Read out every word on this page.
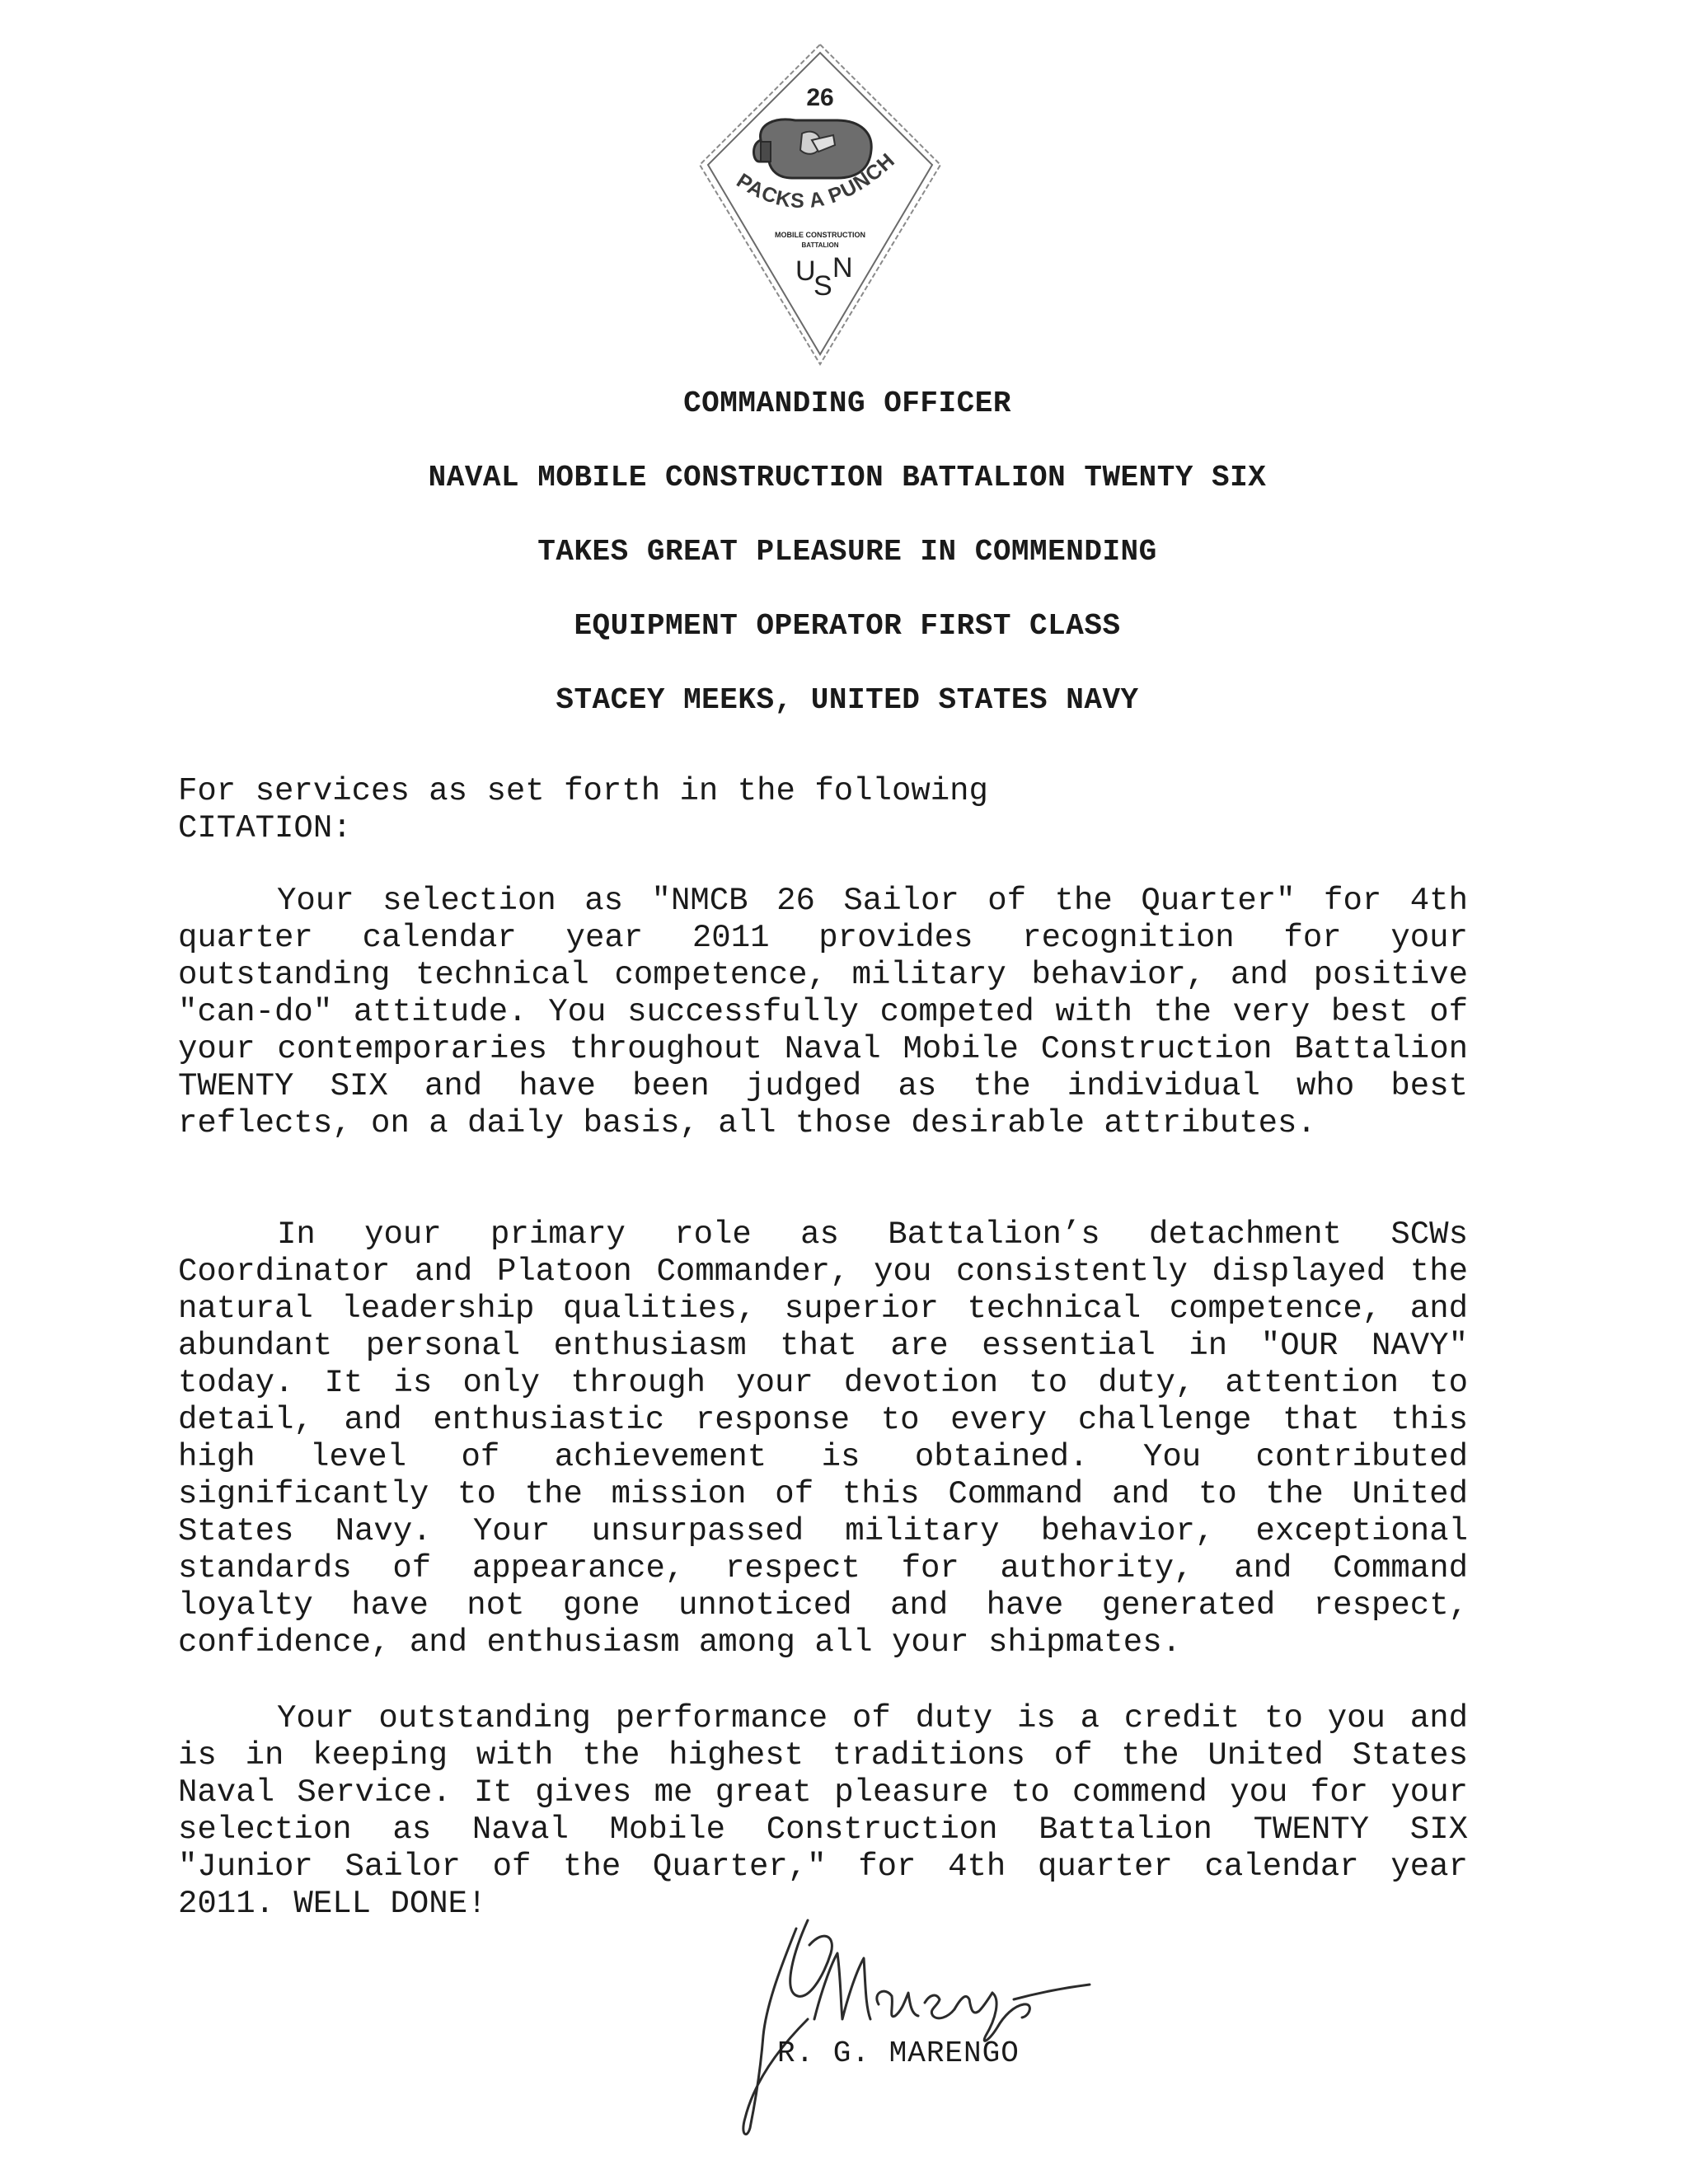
26
PACKS A PUNCH
MOBILE CONSTRUCTION
BATTALION
U
S
N
COMMANDING OFFICER
NAVAL MOBILE CONSTRUCTION BATTALION TWENTY SIX
TAKES GREAT PLEASURE IN COMMENDING
EQUIPMENT OPERATOR FIRST CLASS
STACEY MEEKS, UNITED STATES NAVY
For services as set forth in the following CITATION:

Your selection as "NMCB 26 Sailor of the Quarter" for 4th quarter calendar year 2011 provides recognition for your outstanding technical competence, military behavior, and positive "can-do" attitude. You successfully competed with the very best of your contemporaries throughout Naval Mobile Construction Battalion TWENTY SIX and have been judged as the individual who best reflects, on a daily basis, all those desirable attributes.

In your primary role as Battalion’s detachment SCWs Coordinator and Platoon Commander, you consistently displayed the natural leadership qualities, superior technical competence, and abundant personal enthusiasm that are essential in "OUR NAVY" today. It is only through your devotion to duty, attention to detail, and enthusiastic response to every challenge that this high level of achievement is obtained. You contributed significantly to the mission of this Command and to the United States Navy. Your unsurpassed military behavior, exceptional standards of appearance, respect for authority, and Command loyalty have not gone unnoticed and have generated respect, confidence, and enthusiasm among all your shipmates.

Your outstanding performance of duty is a credit to you and is in keeping with the highest traditions of the United States Naval Service. It gives me great pleasure to commend you for your selection as Naval Mobile Construction Battalion TWENTY SIX "Junior Sailor of the Quarter," for 4th quarter calendar year 2011. WELL DONE!

R. G. MARENGO
